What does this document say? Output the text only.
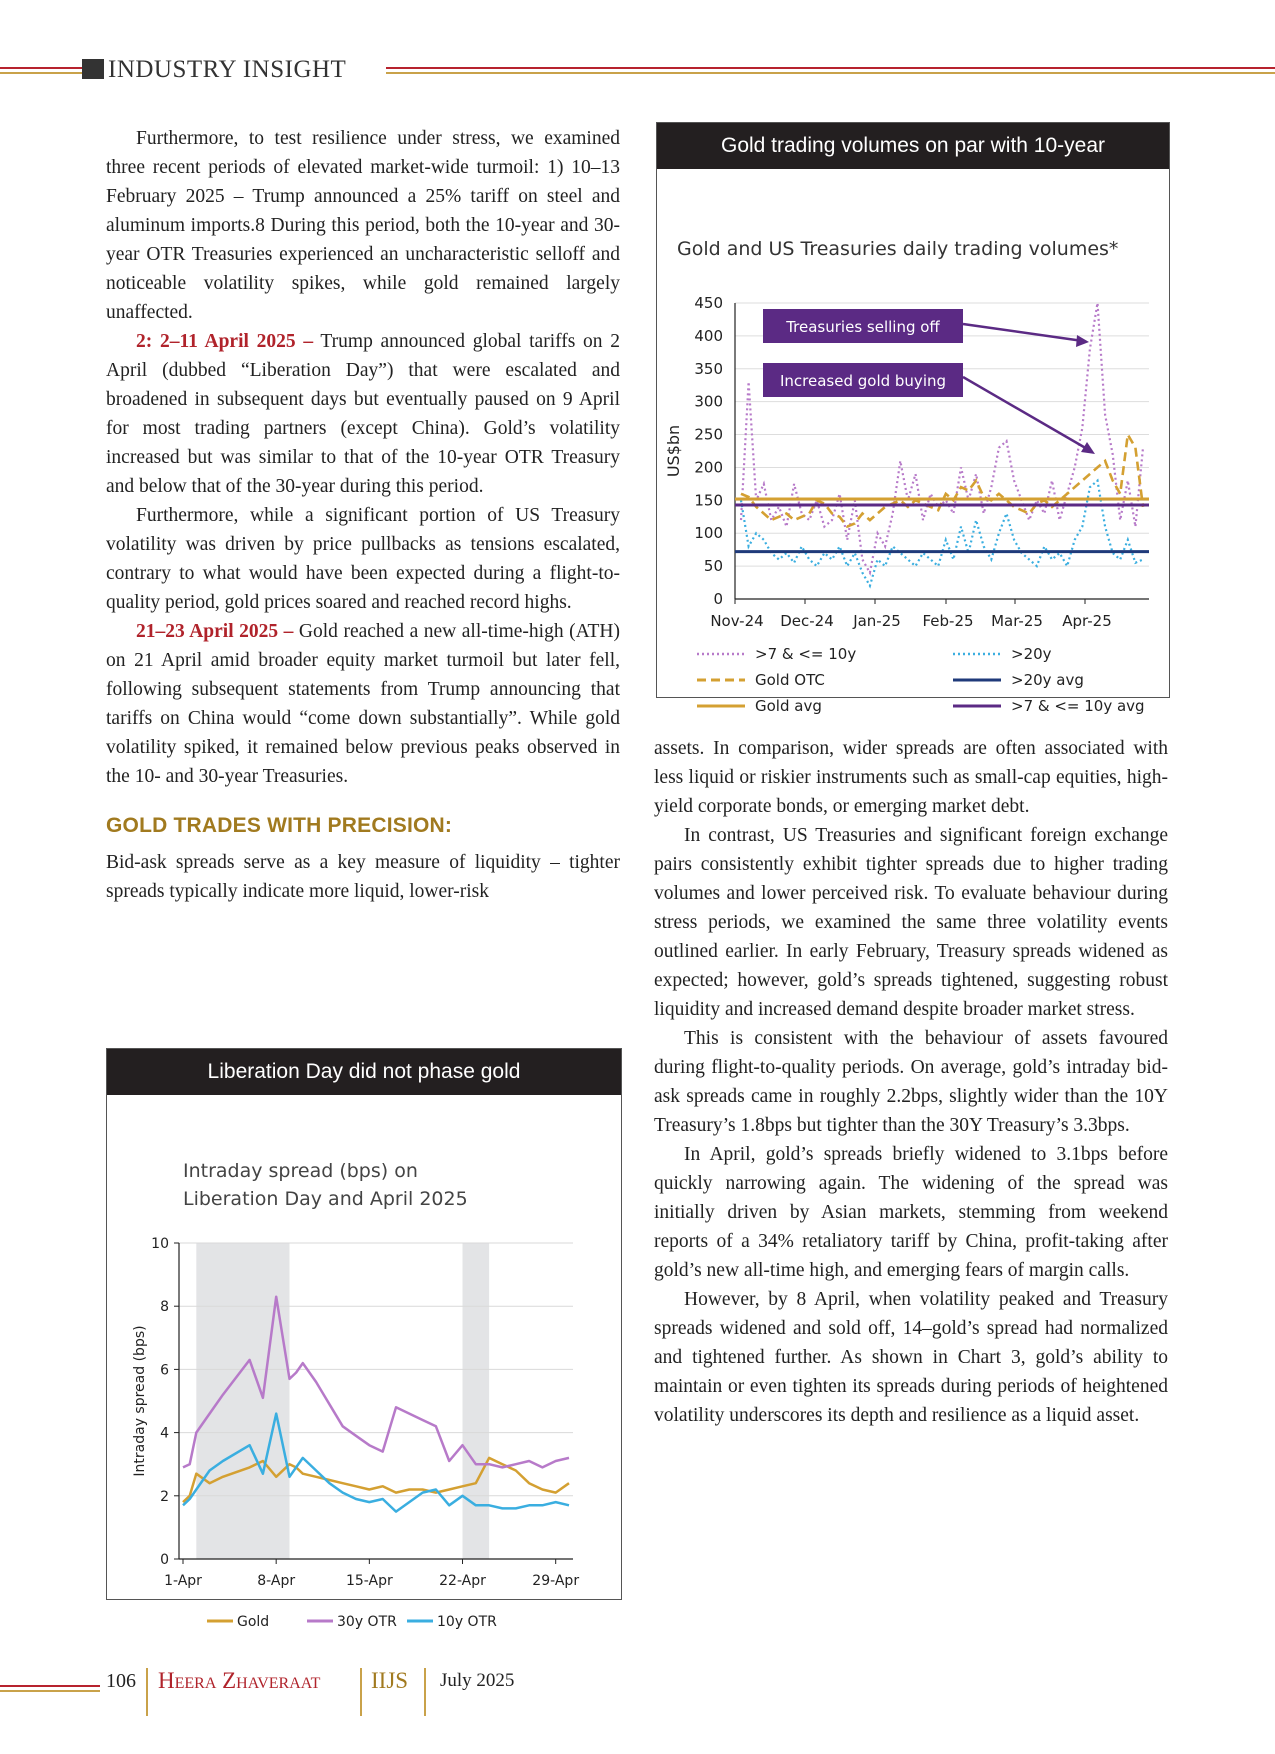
INDUSTRY INSIGHT

Furthermore, to test resilience under stress, we examined three recent periods of elevated market-wide turmoil: 1) 10–13 February 2025 – Trump announced a 25% tariff on steel and aluminum imports.8 During this period, both the 10-year and 30-year OTR Treasuries experienced an uncharacteristic selloff and noticeable volatility spikes, while gold remained largely unaffected.

2: 2–11 April 2025 – Trump announced global tariffs on 2 April (dubbed “Liberation Day”) that were escalated and broadened in subsequent days but eventually paused on 9 April for most trading partners (except China). Gold’s volatility increased but was similar to that of the 10-year OTR Treasury and below that of the 30-year during this period.

Furthermore, while a significant portion of US Treasury volatility was driven by price pullbacks as tensions escalated, contrary to what would have been expected during a flight-to-quality period, gold prices soared and reached record highs.

21–23 April 2025 – Gold reached a new all-time-high (ATH) on 21 April amid broader equity market turmoil but later fell, following subsequent statements from Trump announcing that tariffs on China would “come down substantially”. While gold volatility spiked, it remained below previous peaks observed in the 10- and 30-year Treasuries.

GOLD TRADES WITH PRECISION:

Bid-ask spreads serve as a key measure of liquidity – tighter spreads typically indicate more liquid, lower-risk

assets. In comparison, wider spreads are often associated with less liquid or riskier instruments such as small-cap equities, high-yield corporate bonds, or emerging market debt.

In contrast, US Treasuries and significant foreign exchange pairs consistently exhibit tighter spreads due to higher trading volumes and lower perceived risk. To evaluate behaviour during stress periods, we examined the same three volatility events outlined earlier. In early February, Treasury spreads widened as expected; however, gold’s spreads tightened, suggesting robust liquidity and increased demand despite broader market stress.

This is consistent with the behaviour of assets favoured during flight-to-quality periods. On average, gold’s intraday bid-ask spreads came in roughly 2.2bps, slightly wider than the 10Y Treasury’s 1.8bps but tighter than the 30Y Treasury’s 3.3bps.

In April, gold’s spreads briefly widened to 3.1bps before quickly narrowing again. The widening of the spread was initially driven by Asian markets, stemming from weekend reports of a 34% retaliatory tariff by China, profit-taking after gold’s new all-time high, and emerging fears of margin calls.

However, by 8 April, when volatility peaked and Treasury spreads widened and sold off, 14–gold’s spread had normalized and tightened further. As shown in Chart 3, gold’s ability to maintain or even tighten its spreads during periods of heightened volatility underscores its depth and resilience as a liquid asset.

Gold trading volumes on par with 10-year
Gold and US Treasuries daily trading volumes*
US$bn
0
50
100
150
200
250
300
350
400
450
Nov-24 Dec-24 Jan-25 Feb-25 Mar-25 Apr-25
Treasuries selling off
Increased gold buying
>7 & <= 10y	>20y
Gold OTC	>20y avg
Gold avg	>7 & <= 10y avg
Liberation Day did not phase gold
Intraday spread (bps) on
Liberation Day and April 2025
0
2
4
6
8
10
Intraday spread (bps)
1-Apr	8-Apr	15-Apr	22-Apr	29-Apr
Gold	30y OTR	10y OTR
106 Heera Zhaveraat IIJS July 2025
